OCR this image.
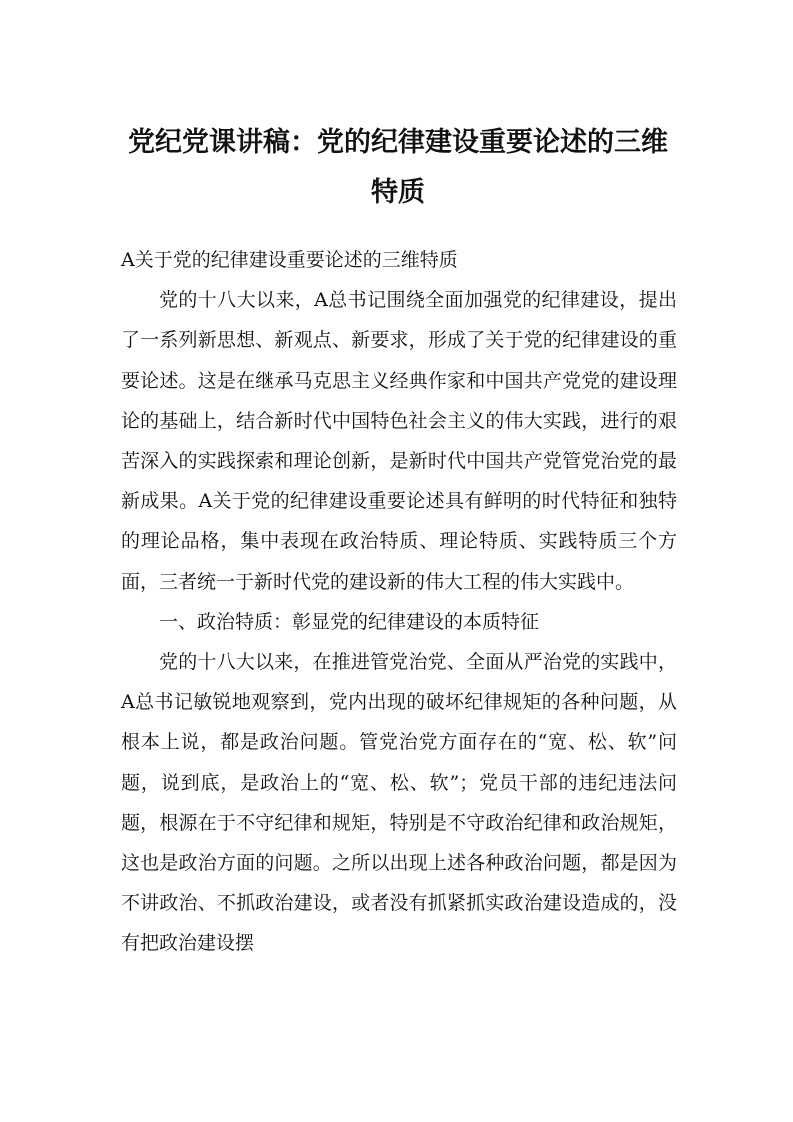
党纪党课讲稿：党的纪律建设重要论述的三维特质

A关于党的纪律建设重要论述的三维特质

党的十八大以来，A总书记围绕全面加强党的纪律建设，提出了一系列新思想、新观点、新要求，形成了关于党的纪律建设的重要论述。这是在继承马克思主义经典作家和中国共产党党的建设理论的基础上，结合新时代中国特色社会主义的伟大实践，进行的艰苦深入的实践探索和理论创新，是新时代中国共产党管党治党的最新成果。A关于党的纪律建设重要论述具有鲜明的时代特征和独特的理论品格，集中表现在政治特质、理论特质、实践特质三个方面，三者统一于新时代党的建设新的伟大工程的伟大实践中。

一、政治特质：彰显党的纪律建设的本质特征

党的十八大以来，在推进管党治党、全面从严治党的实践中，A总书记敏锐地观察到，党内出现的破坏纪律规矩的各种问题，从根本上说，都是政治问题。管党治党方面存在的“宽、松、软”问题，说到底，是政治上的“宽、松、软”；党员干部的违纪违法问题，根源在于不守纪律和规矩，特别是不守政治纪律和政治规矩，这也是政治方面的问题。之所以出现上述各种政治问题，都是因为不讲政治、不抓政治建设，或者没有抓紧抓实政治建设造成的，没有把政治建设摆
